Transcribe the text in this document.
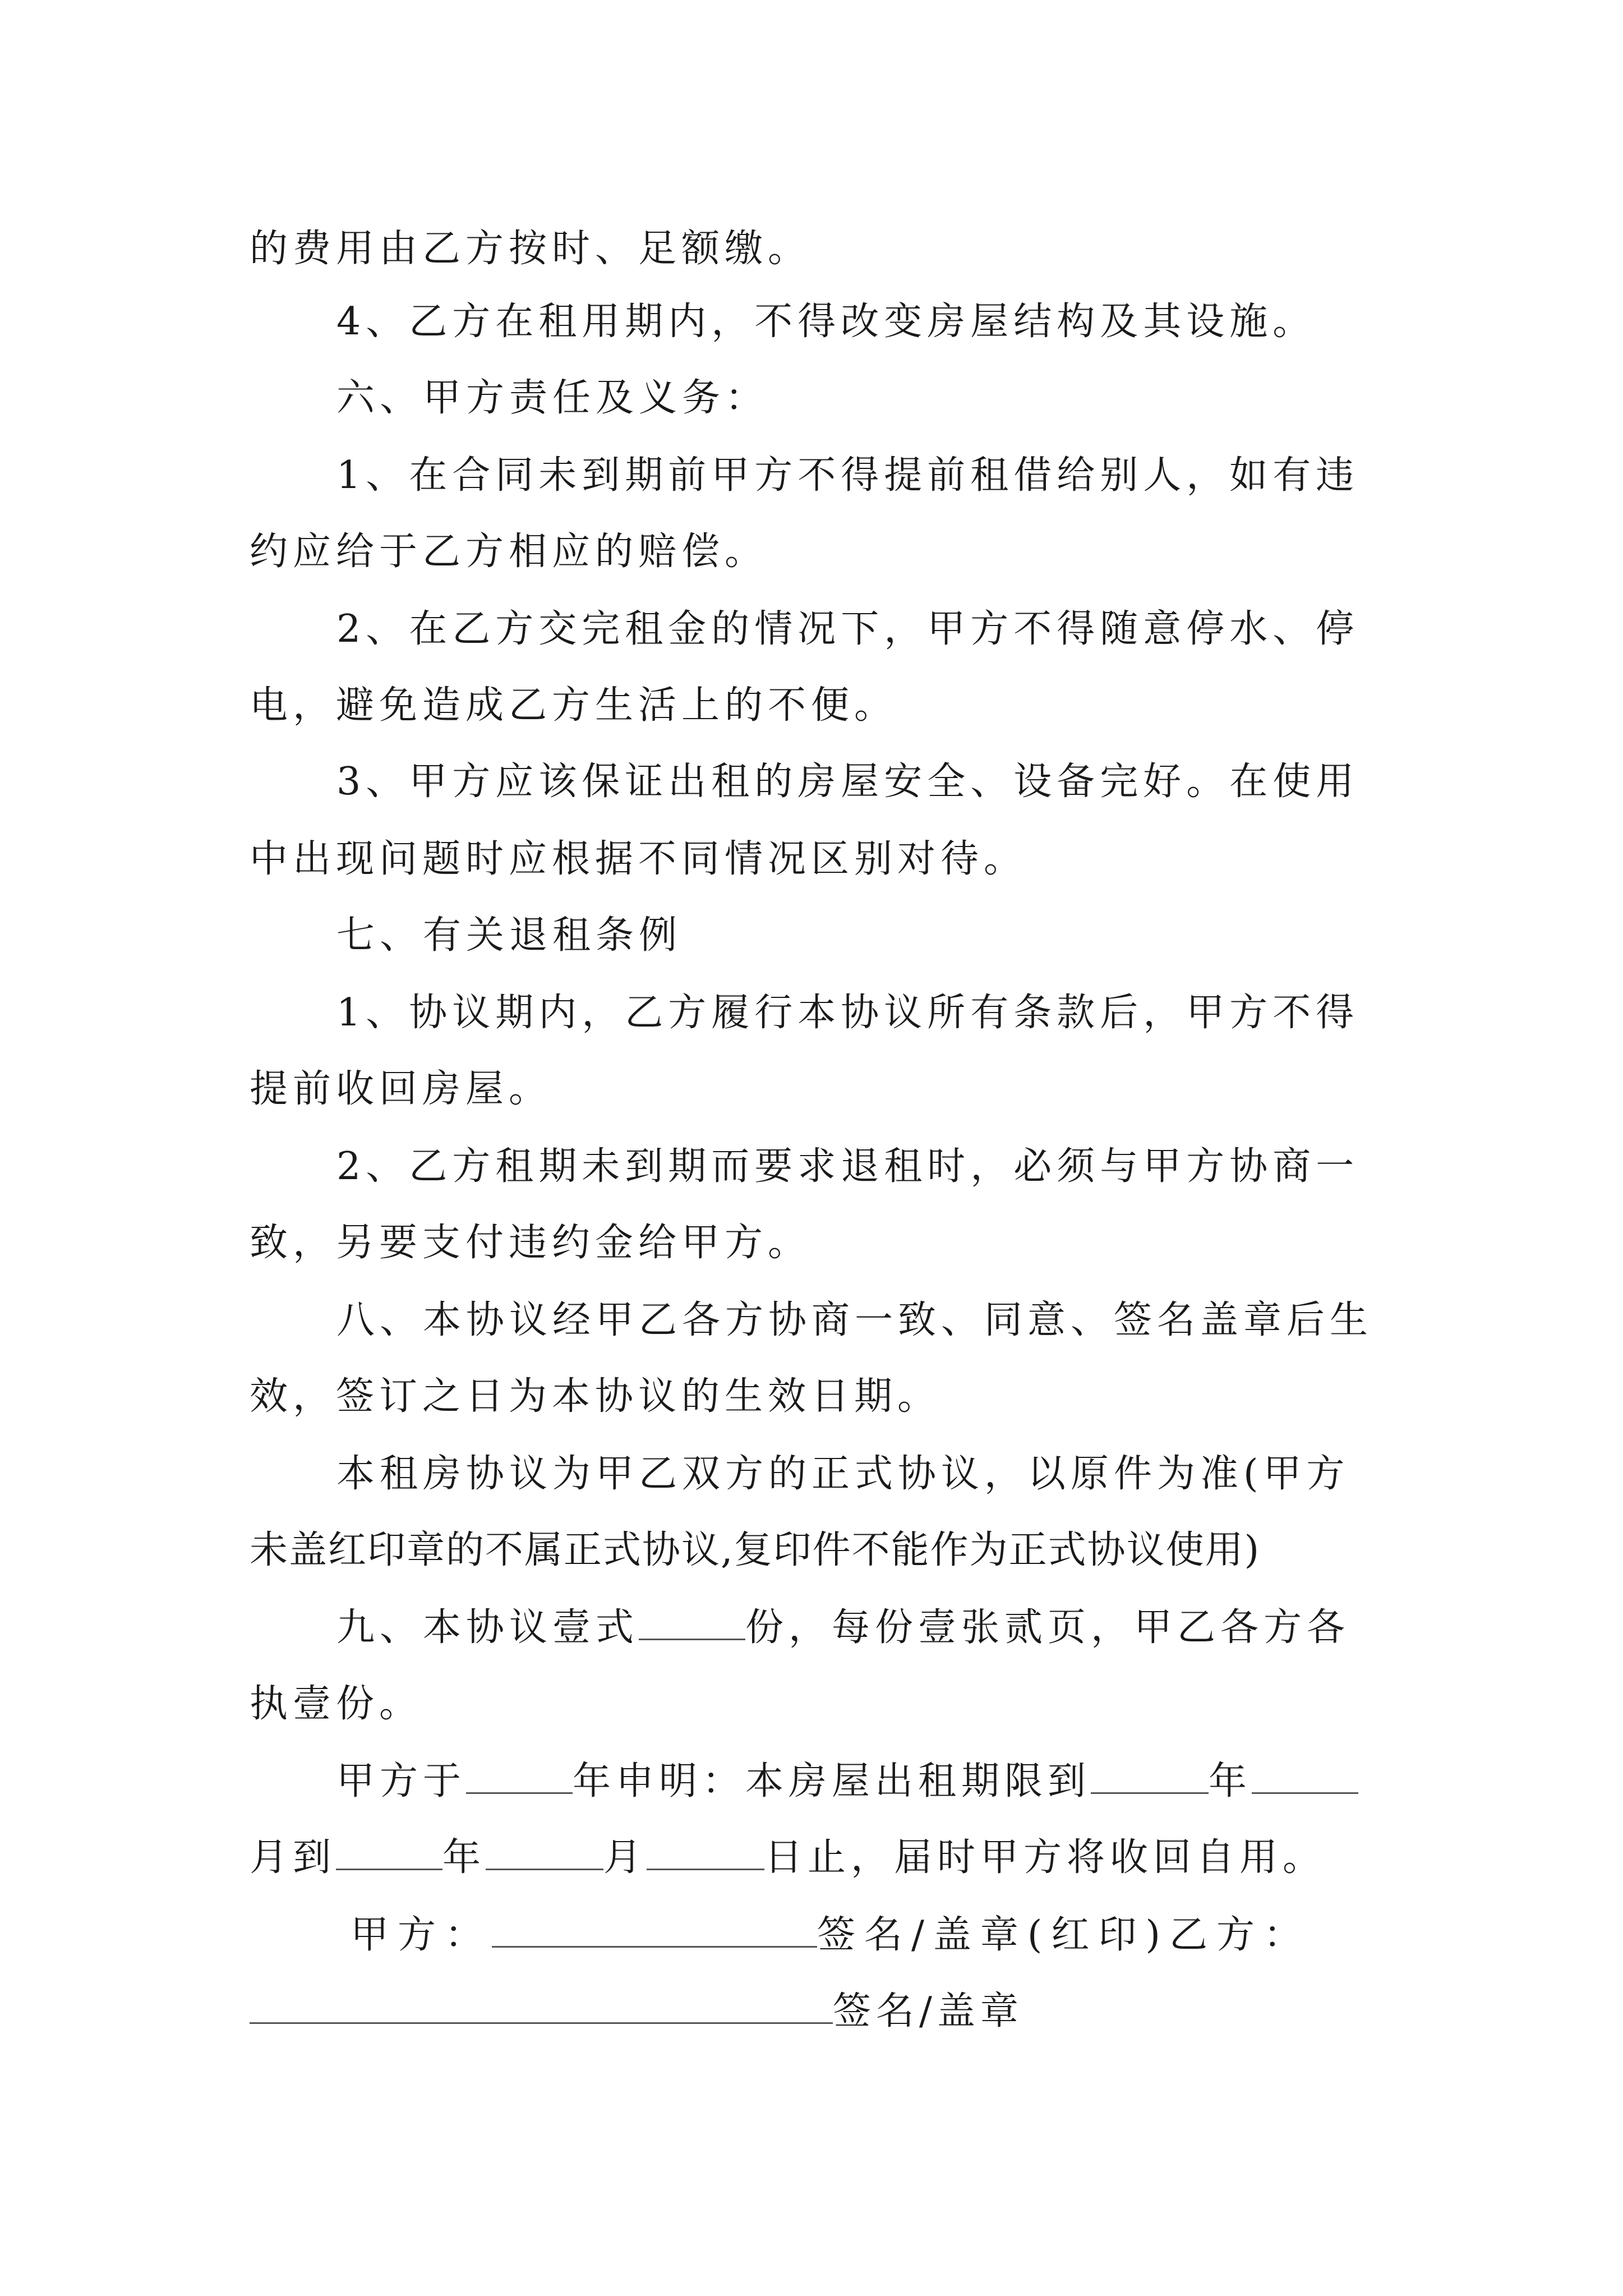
的费用由乙方按时、足额缴。
4、乙方在租用期内，不得改变房屋结构及其设施。
六、甲方责任及义务：
1、在合同未到期前甲方不得提前租借给别人，如有违
约应给于乙方相应的赔偿。
2、在乙方交完租金的情况下，甲方不得随意停水、停
电，避免造成乙方生活上的不便。
3、甲方应该保证出租的房屋安全、设备完好。在使用
中出现问题时应根据不同情况区别对待。
七、有关退租条例
1、协议期内，乙方履行本协议所有条款后，甲方不得
提前收回房屋。
2、乙方租期未到期而要求退租时，必须与甲方协商一
致，另要支付违约金给甲方。
八、本协议经甲乙各方协商一致、同意、签名盖章后生
效，签订之日为本协议的生效日期。
本租房协议为甲乙双方的正式协议，以原件为准(甲方
未盖红印章的不属正式协议,复印件不能作为正式协议使用)
九、本协议壹式	份，每份壹张贰页，甲乙各方各
执壹份。
甲方于	年申明：本房屋出租期限到	年
月到	年	月	日止，届时甲方将收回自用。
甲方：	签名/盖章(红印)乙方：
签名/盖章
